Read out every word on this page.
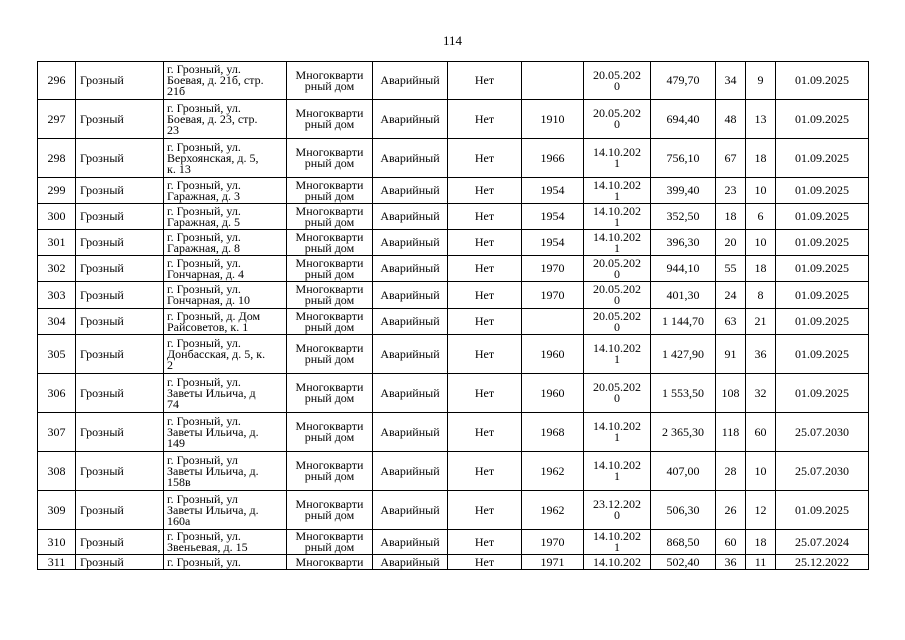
114
296	Грозный	г. Грозный, ул.
Боевая, д. 21б, стр.
21б	Многокварти
рный дом	Аварийный	Нет		20.05.202
0	479,70	34	9	01.09.2025
297	Грозный	г. Грозный, ул.
Боевая, д. 23, стр.
23	Многокварти
рный дом	Аварийный	Нет	1910	20.05.202
0	694,40	48	13	01.09.2025
298	Грозный	г. Грозный, ул.
Верхоянская, д. 5,
к. 13	Многокварти
рный дом	Аварийный	Нет	1966	14.10.202
1	756,10	67	18	01.09.2025
299	Грозный	г. Грозный, ул.
Гаражная, д. 3	Многокварти
рный дом	Аварийный	Нет	1954	14.10.202
1	399,40	23	10	01.09.2025
300	Грозный	г. Грозный, ул.
Гаражная, д. 5	Многокварти
рный дом	Аварийный	Нет	1954	14.10.202
1	352,50	18	6	01.09.2025
301	Грозный	г. Грозный, ул.
Гаражная, д. 8	Многокварти
рный дом	Аварийный	Нет	1954	14.10.202
1	396,30	20	10	01.09.2025
302	Грозный	г. Грозный, ул.
Гончарная, д. 4	Многокварти
рный дом	Аварийный	Нет	1970	20.05.202
0	944,10	55	18	01.09.2025
303	Грозный	г. Грозный, ул.
Гончарная, д. 10	Многокварти
рный дом	Аварийный	Нет	1970	20.05.202
0	401,30	24	8	01.09.2025
304	Грозный	г. Грозный, д. Дом
Райсоветов, к. 1	Многокварти
рный дом	Аварийный	Нет		20.05.202
0	1 144,70	63	21	01.09.2025
305	Грозный	г. Грозный, ул.
Донбасская, д. 5, к.
2	Многокварти
рный дом	Аварийный	Нет	1960	14.10.202
1	1 427,90	91	36	01.09.2025
306	Грозный	г. Грозный, ул.
Заветы Ильича, д
74	Многокварти
рный дом	Аварийный	Нет	1960	20.05.202
0	1 553,50	108	32	01.09.2025
307	Грозный	г. Грозный, ул.
Заветы Ильича, д.
149	Многокварти
рный дом	Аварийный	Нет	1968	14.10.202
1	2 365,30	118	60	25.07.2030
308	Грозный	г. Грозный, ул
Заветы Ильича, д.
158в	Многокварти
рный дом	Аварийный	Нет	1962	14.10.202
1	407,00	28	10	25.07.2030
309	Грозный	г. Грозный, ул
Заветы Ильича, д.
160а	Многокварти
рный дом	Аварийный	Нет	1962	23.12.202
0	506,30	26	12	01.09.2025
310	Грозный	г. Грозный, ул.
Звеньевая, д. 15	Многокварти
рный дом	Аварийный	Нет	1970	14.10.202
1	868,50	60	18	25.07.2024
311	Грозный	г. Грозный, ул.	Многокварти	Аварийный	Нет	1971	14.10.202	502,40	36	11	25.12.2022
